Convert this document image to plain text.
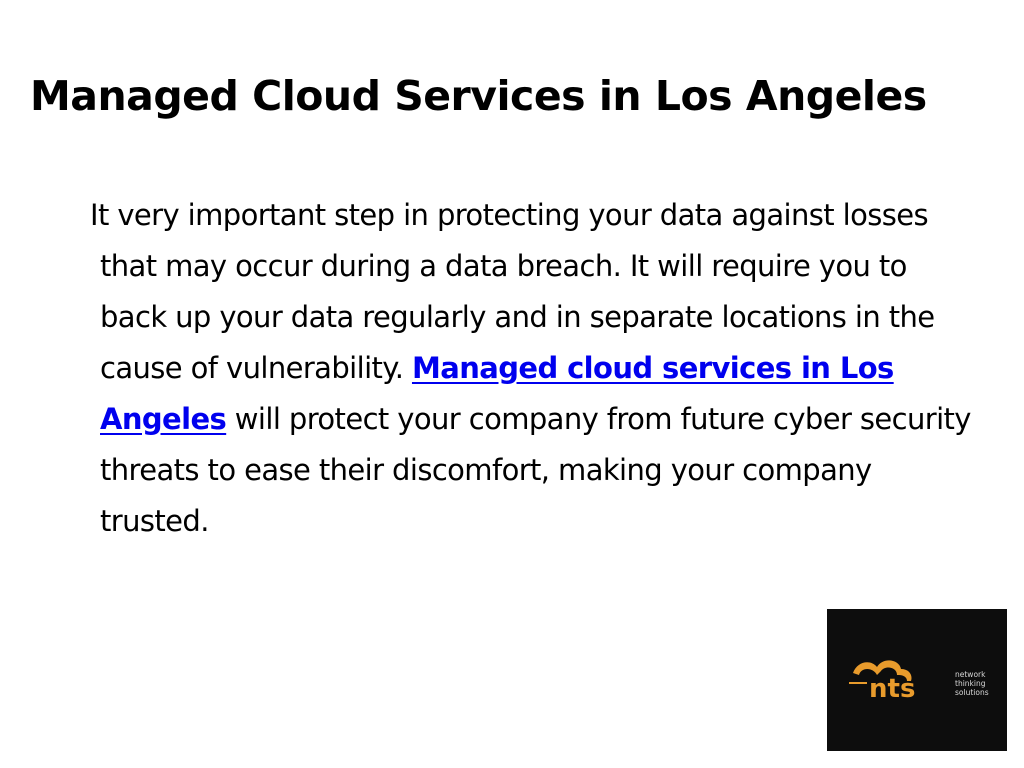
Managed Cloud Services in Los Angeles

It very important step in protecting your data against losses that may occur during a data breach. It will require you to back up your data regularly and in separate locations in the cause of vulnerability. Managed cloud services in Los Angeles will protect your company from future cyber security threats to ease their discomfort, making your company trusted.

nts	network
thinking
solutions
